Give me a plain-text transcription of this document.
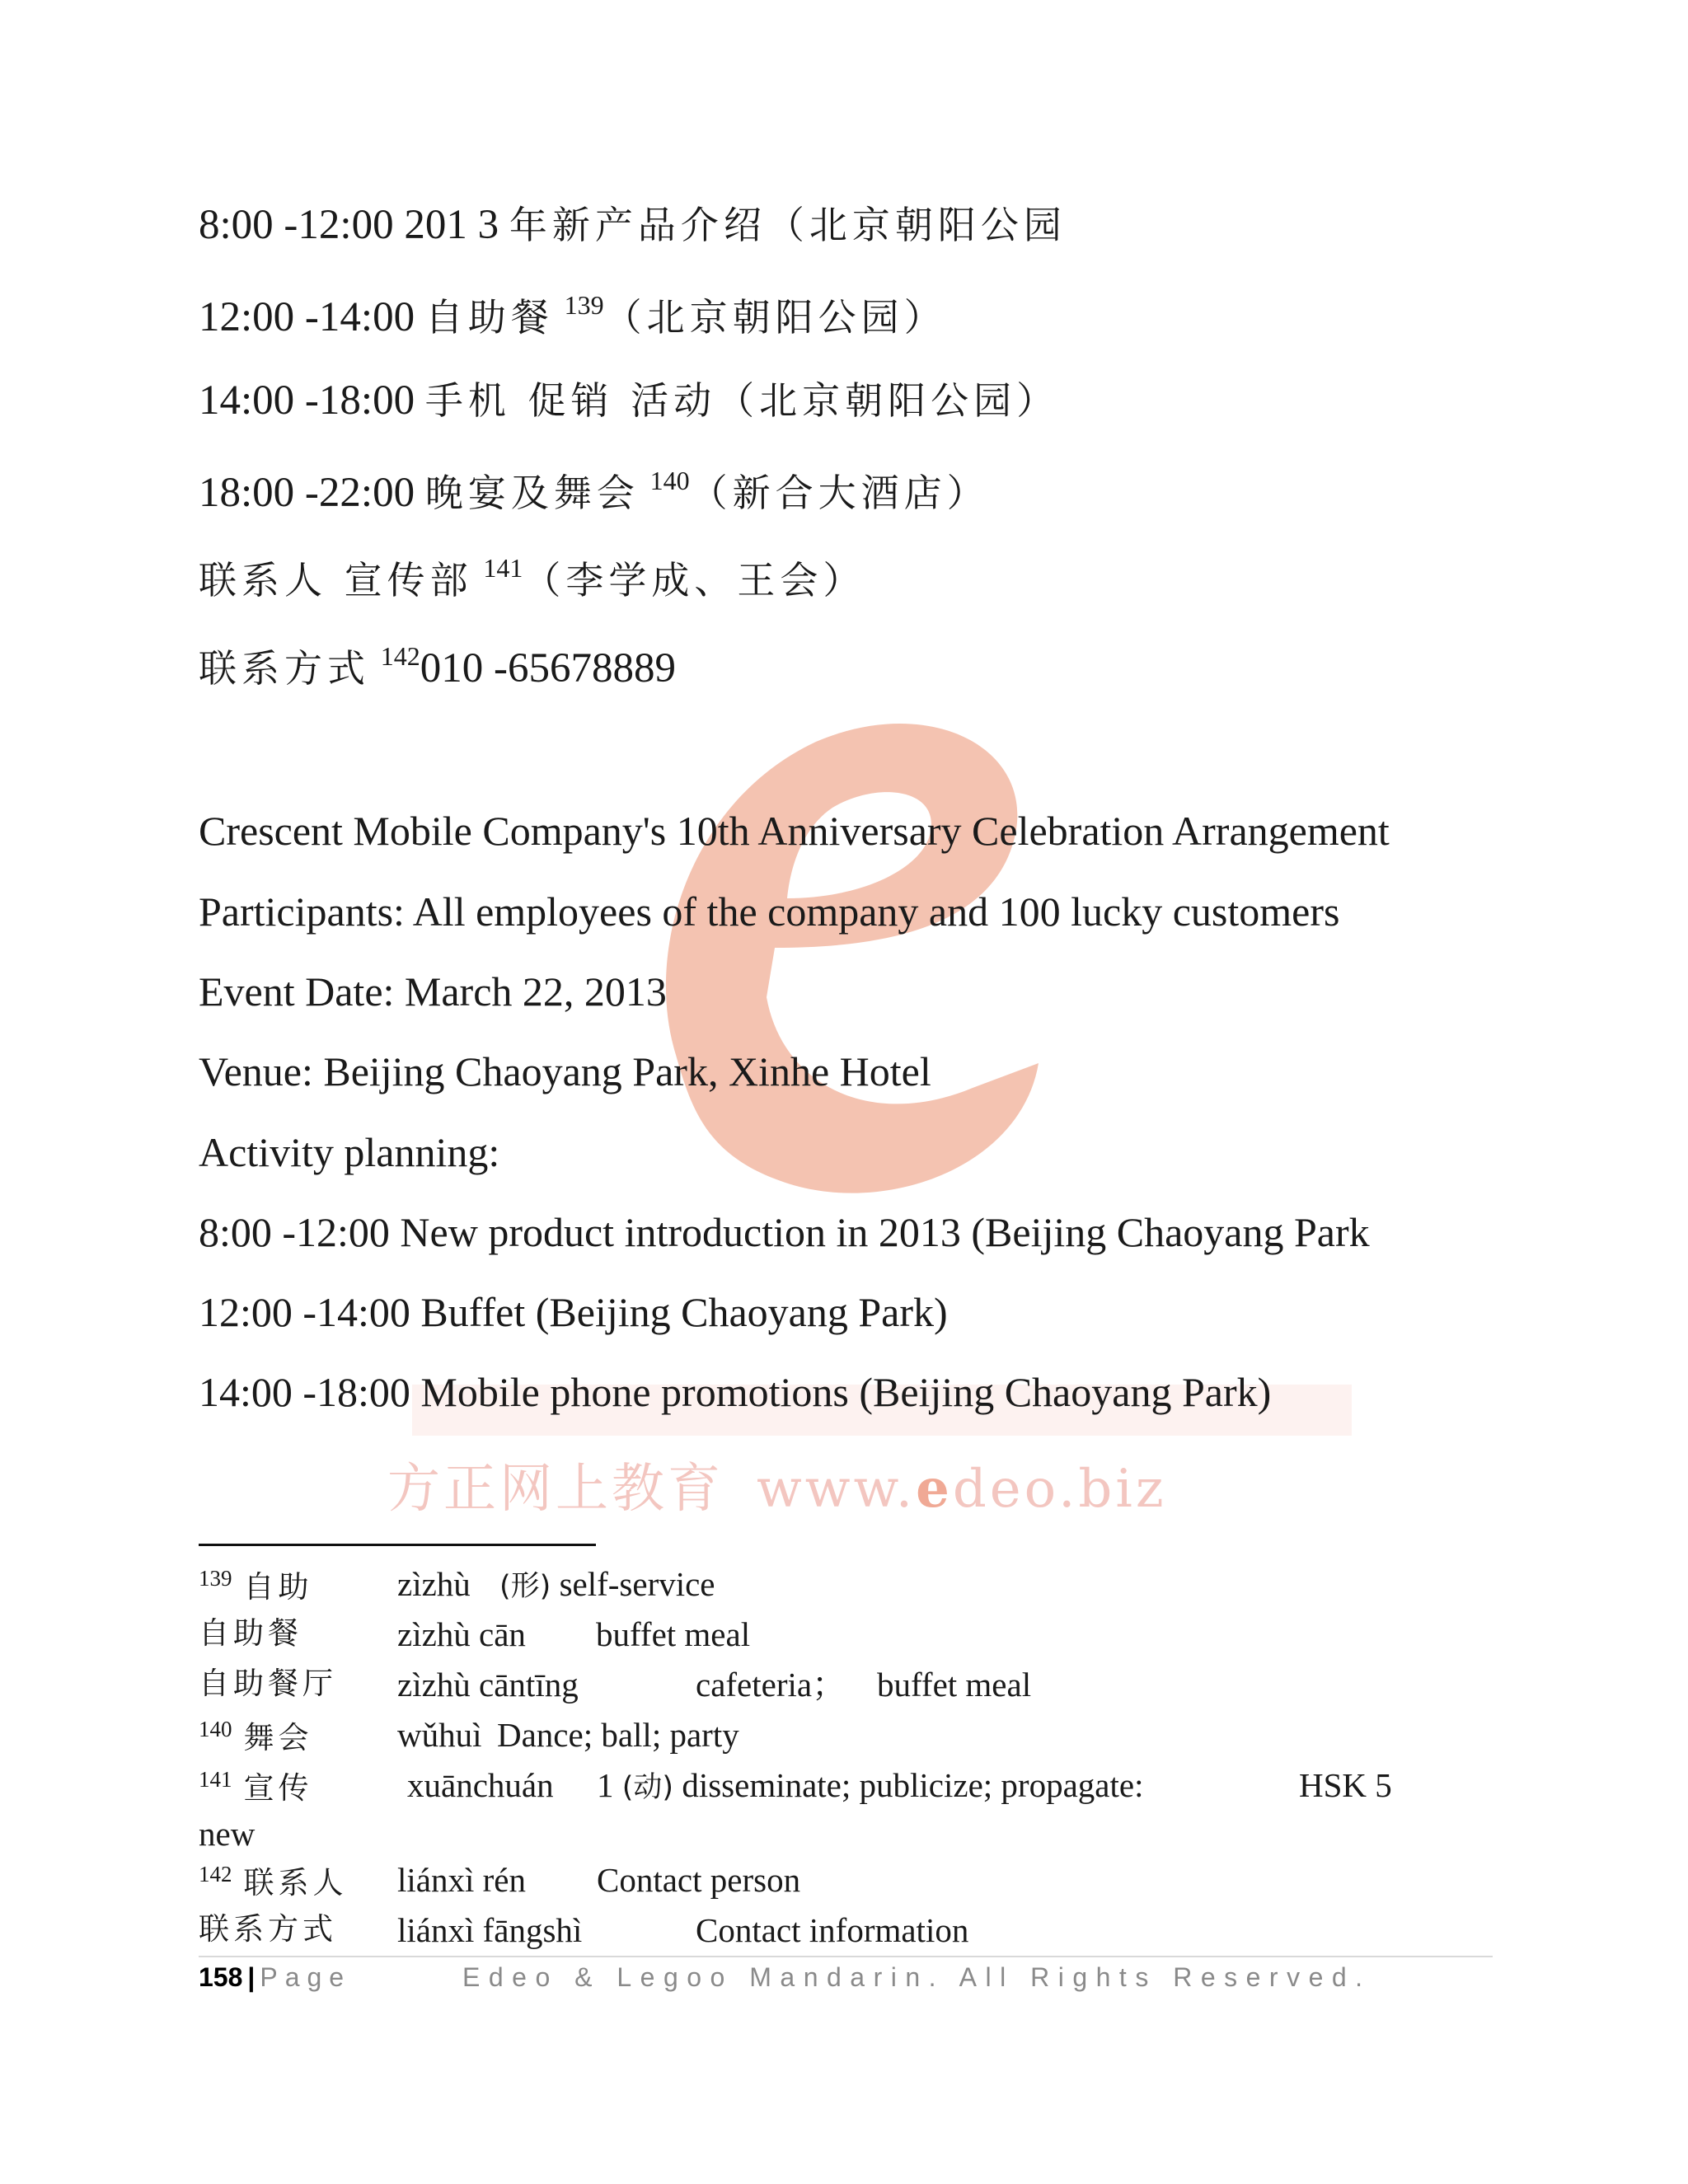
方正网上教育 www.edeo.biz
8:00 -12:00 201 3 年新产品介绍（北京朝阳公园
12:00 -14:00 自助餐 $^{139}$（北京朝阳公园）
14:00 -18:00 手机 促销 活动（北京朝阳公园）
18:00 -22:00 晚宴及舞会 $^{140}$（新合大酒店）
联系人 宣传部 $^{141}$（李学成、王会）
联系方式 $^{142}$010 -65678889
Crescent Mobile Company's 10th Anniversary Celebration Arrangement
Participants: All employees of the company and 100 lucky customers
Event Date: March 22, 2013
Venue: Beijing Chaoyang Park, Xinhe Hotel
Activity planning:
8:00 -12:00 New product introduction in 2013 (Beijing Chaoyang Park
12:00 -14:00 Buffet (Beijing Chaoyang Park)
14:00 -18:00 Mobile phone promotions (Beijing Chaoyang Park)
$^{139}$ 自助	zìzhù (形) self-service
自助餐	zìzhù cān buffet meal
自助餐厅 zìzhù cāntīng	cafeteria； buffet meal
$^{140}$ 舞会	wǔhuì Dance; ball; party
$^{141}$ 宣传	xuānchuán 1 (动) disseminate; publicize; propagate:	HSK 5
new
$^{142}$ 联系人 liánxì rén Contact person
联系方式 liánxì fāngshì	Contact information
158 | Page	Edeo & Legoo Mandarin. All Rights Reserved.
